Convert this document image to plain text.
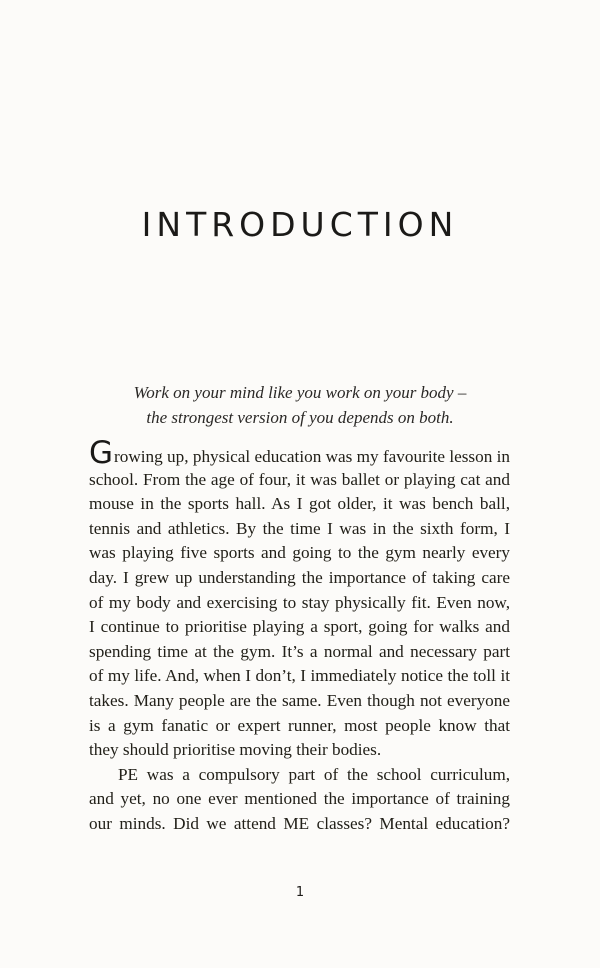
INTRODUCTION
Work on your mind like you work on your body –
the strongest version of you depends on both.
Growing up, physical education was my favourite lesson in
school. From the age of four, it was ballet or playing cat and
mouse in the sports hall. As I got older, it was bench ball,
tennis and athletics. By the time I was in the sixth form, I
was playing five sports and going to the gym nearly every
day. I grew up understanding the importance of taking care
of my body and exercising to stay physically fit. Even now,
I continue to prioritise playing a sport, going for walks and
spending time at the gym. It’s a normal and necessary part
of my life. And, when I don’t, I immediately notice the toll it
takes. Many people are the same. Even though not everyone
is a gym fanatic or expert runner, most people know that
they should prioritise moving their bodies.
PE was a compulsory part of the school curriculum,
and yet, no one ever mentioned the importance of training
our minds. Did we attend ME classes? Mental education?
1
